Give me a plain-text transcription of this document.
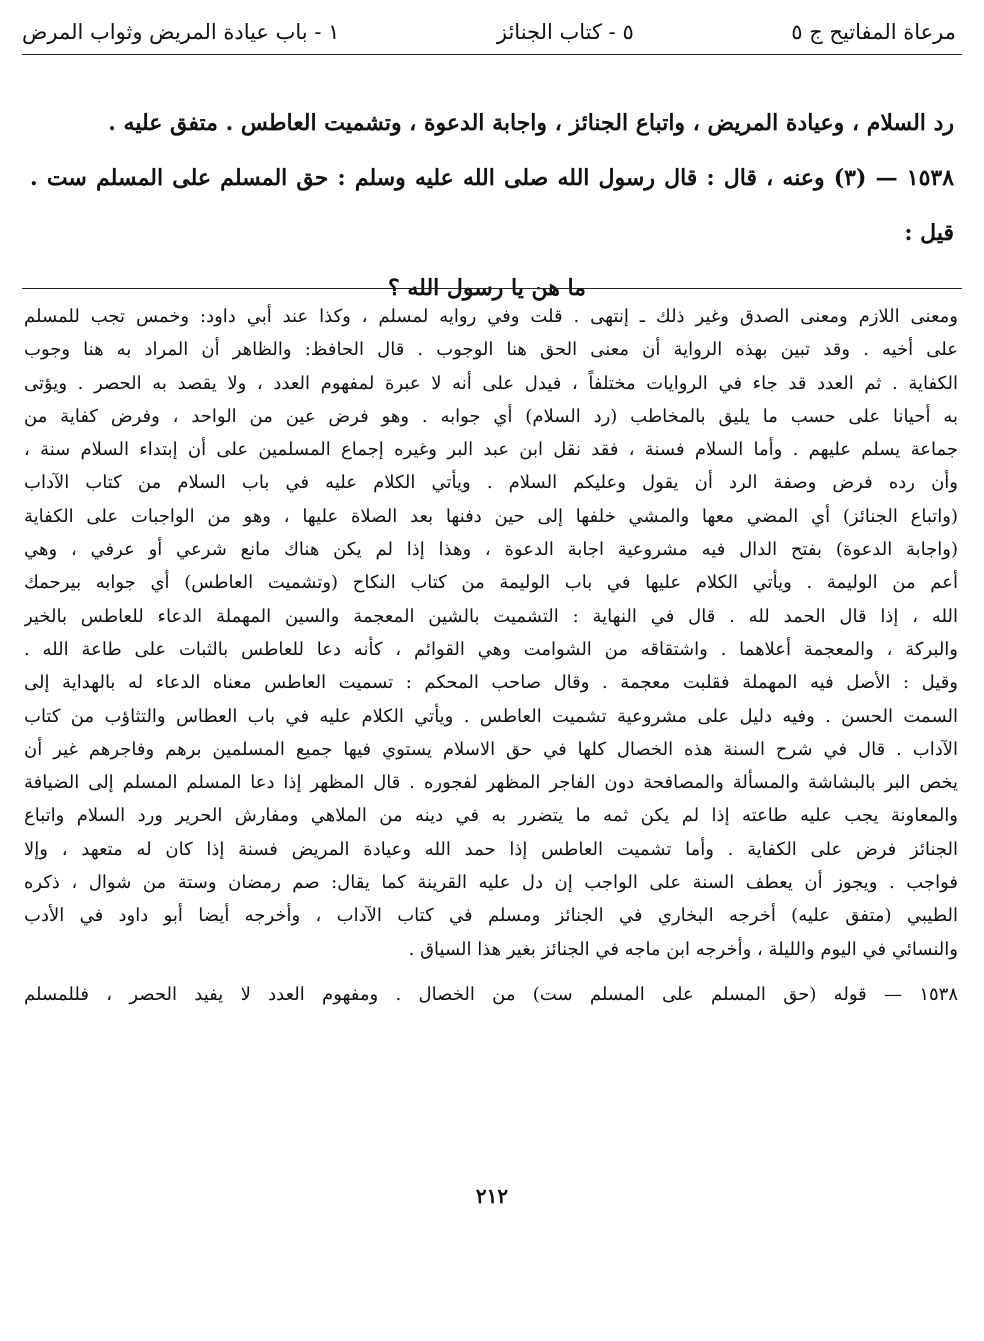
مرعاة المفاتيح ج ٥
٥ - كتاب الجنائز
١ - باب عيادة المريض وثواب المرض

رد السلام ، وعيادة المريض ، واتباع الجنائز ، واجابة الدعوة ، وتشميت العاطس . متفق عليه .

١٥٣٨ — (٣) وعنه ، قال : قال رسول الله صلى الله عليه وسلم : حق المسلم على المسلم ست . قيل :

ما هن يا رسول الله ؟

ومعنى اللازم ومعنى الصدق وغير ذلك ـ إنتهى . قلت وفي روايه لمسلم ، وكذا عند أبي داود: وخمس تجب للمسلم

على أخيه . وقد تبين بهذه الرواية أن معنى الحق هنا الوجوب . قال الحافظ: والظاهر أن المراد به هنا وجوب

الكفاية . ثم العدد قد جاء في الروايات مختلفاً ، فيدل على أنه لا عبرة لمفهوم العدد ، ولا يقصد به الحصر . ويؤتى

به أحيانا على حسب ما يليق بالمخاطب (رد السلام) أي جوابه . وهو فرض عين من الواحد ، وفرض كفاية من

جماعة يسلم عليهم . وأما السلام فسنة ، فقد نقل ابن عبد البر وغيره إجماع المسلمين على أن إبتداء السلام سنة ،

وأن رده فرض وصفة الرد أن يقول وعليكم السلام . ويأتي الكلام عليه في باب السلام من كتاب الآداب

(واتباع الجنائز) أي المضي معها والمشي خلفها إلى حين دفنها بعد الصلاة عليها ، وهو من الواجبات على الكفاية

(واجابة الدعوة) بفتح الدال فيه مشروعية اجابة الدعوة ، وهذا إذا لم يكن هناك مانع شرعي أو عرفي ، وهي

أعم من الوليمة . ويأتي الكلام عليها في باب الوليمة من كتاب النكاح (وتشميت العاطس) أي جوابه بيرحمك

الله ، إذا قال الحمد لله . قال في النهاية : التشميت بالشين المعجمة والسين المهملة الدعاء للعاطس بالخير

والبركة ، والمعجمة أعلاهما . واشتقاقه من الشوامت وهي القوائم ، كأنه دعا للعاطس بالثبات على طاعة الله .

وقيل : الأصل فيه المهملة فقلبت معجمة . وقال صاحب المحكم : تسميت العاطس معناه الدعاء له بالهداية إلى

السمت الحسن . وفيه دليل على مشروعية تشميت العاطس . ويأتي الكلام عليه في باب العطاس والتثاؤب من كتاب

الآداب . قال في شرح السنة هذه الخصال كلها في حق الاسلام يستوي فيها جميع المسلمين برهم وفاجرهم غير أن

يخص البر بالبشاشة والمسألة والمصافحة دون الفاجر المظهر لفجوره . قال المظهر إذا دعا المسلم المسلم إلى الضيافة

والمعاونة يجب عليه طاعته إذا لم يكن ثمه ما يتضرر به في دينه من الملاهي ومفارش الحرير ورد السلام واتباع

الجنائز فرض على الكفاية . وأما تشميت العاطس إذا حمد الله وعيادة المريض فسنة إذا كان له متعهد ، وإلا

فواجب . ويجوز أن يعطف السنة على الواجب إن دل عليه القرينة كما يقال: صم رمضان وستة من شوال ، ذكره

الطيبي (متفق عليه) أخرجه البخاري في الجنائز ومسلم في كتاب الآداب ، وأخرجه أيضا أبو داود في الأدب

والنسائي في اليوم والليلة ، وأخرجه ابن ماجه في الجنائز بغير هذا السياق .

١٥٣٨ — قوله (حق المسلم على المسلم ست) من الخصال . ومفهوم العدد لا يفيد الحصر ، فللمسلم

٢١٢
